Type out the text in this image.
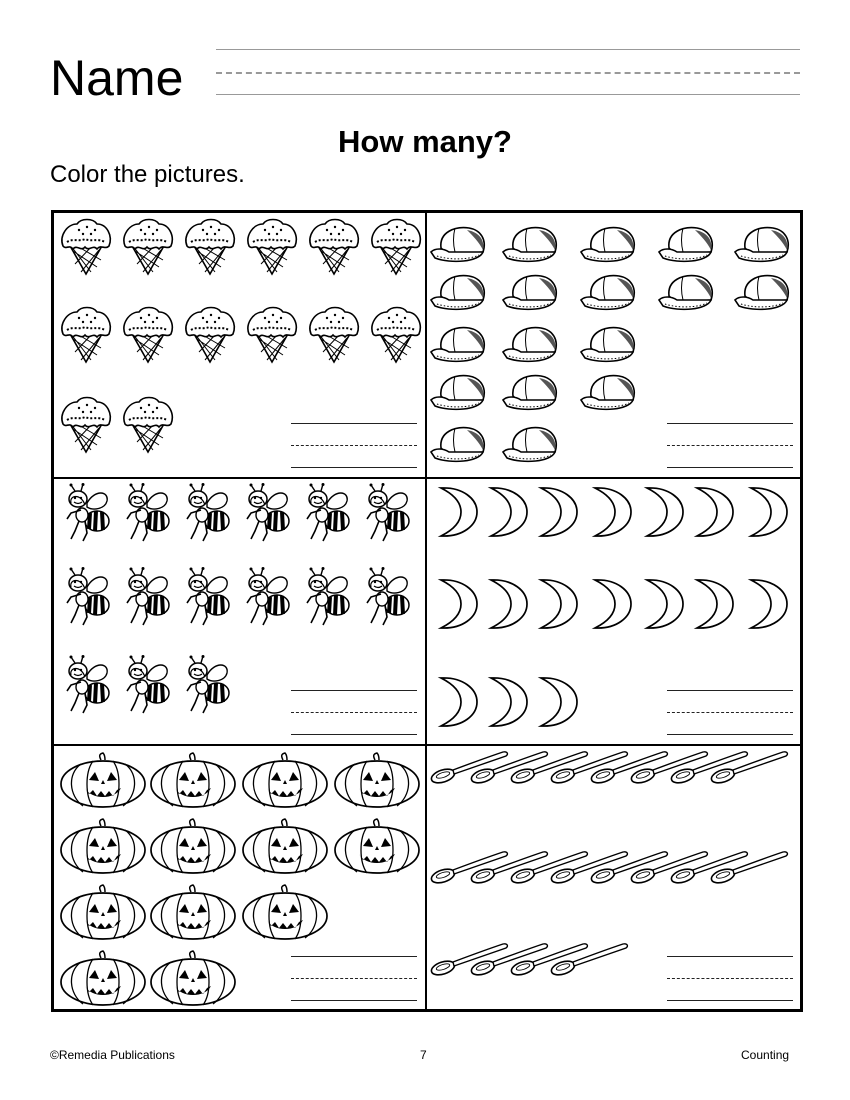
Name
How many?
Color the pictures.
©Remedia Publications	7	Counting
